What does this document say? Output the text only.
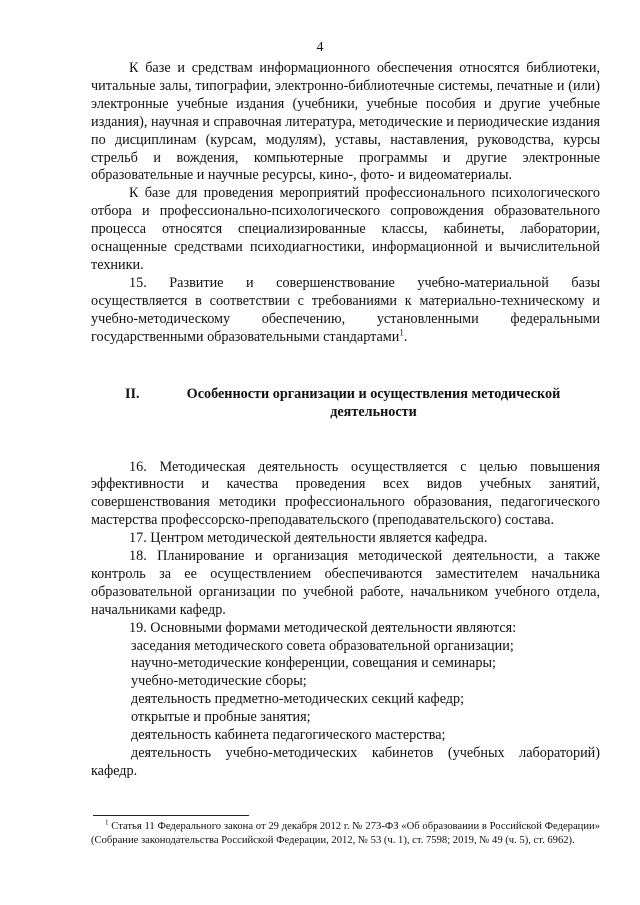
4

К базе и средствам информационного обеспечения относятся библиотеки, читальные залы, типографии, электронно-библиотечные системы, печатные и (или) электронные учебные издания (учебники, учебные пособия и другие учебные издания), научная и справочная литература, методические и периодические издания по дисциплинам (курсам, модулям), уставы, наставления, руководства, курсы стрельб и вождения, компьютерные программы и другие электронные образовательные и научные ресурсы, кино-, фото- и видеоматериалы.

К базе для проведения мероприятий профессионального психологического отбора и профессионально-психологического сопровождения образовательного процесса относятся специализированные классы, кабинеты, лаборатории, оснащенные средствами психодиагностики, информационной и вычислительной техники.

15. Развитие и совершенствование учебно-материальной базы осуществляется в соответствии с требованиями к материально-техническому и учебно-методическому обеспечению, установленными федеральными государственными образовательными стандартами$^1$.

II.	Особенности организации и осуществления методической деятельности

16. Методическая деятельность осуществляется с целью повышения эффективности и качества проведения всех видов учебных занятий, совершенствования методики профессионального образования, педагогического мастерства профессорско-преподавательского (преподавательского) состава.

17. Центром методической деятельности является кафедра.

18. Планирование и организация методической деятельности, а также контроль за ее осуществлением обеспечиваются заместителем начальника образовательной организации по учебной работе, начальником учебного отдела, начальниками кафедр.

19. Основными формами методической деятельности являются:

заседания методического совета образовательной организации;

научно-методические конференции, совещания и семинары;

учебно-методические сборы;

деятельность предметно-методических секций кафедр;

открытые и пробные занятия;

деятельность кабинета педагогического мастерства;

деятельность учебно-методических кабинетов (учебных лабораторий) кафедр.

$^1$ Статья 11 Федерального закона от 29 декабря 2012 г. № 273-ФЗ «Об образовании в Российской Федерации» (Собрание законодательства Российской Федерации, 2012, № 53 (ч. 1), ст. 7598; 2019, № 49 (ч. 5), ст. 6962).
